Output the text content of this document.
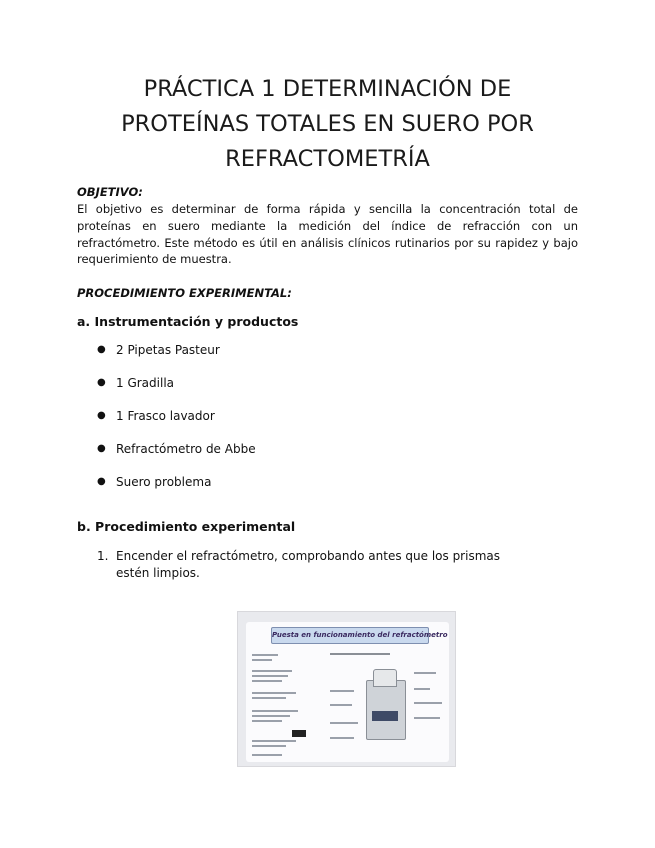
PRÁCTICA 1 DETERMINACIÓN DE
PROTEÍNAS TOTALES EN SUERO POR
REFRACTOMETRÍA
OBJETIVO:
El objetivo es determinar de forma rápida y sencilla la concentración total de proteínas en suero mediante la medición del índice de refracción con un refractómetro. Este método es útil en análisis clínicos rutinarios por su rapidez y bajo requerimiento de muestra.
PROCEDIMIENTO EXPERIMENTAL:
a. Instrumentación y productos
● 2 Pipetas Pasteur
● 1 Gradilla
● 1 Frasco lavador
● Refractómetro de Abbe
● Suero problema
b. Procedimiento experimental
1. Encender el refractómetro, comprobando antes que los prismas estén limpios.
Puesta en funcionamiento del refractómetro
